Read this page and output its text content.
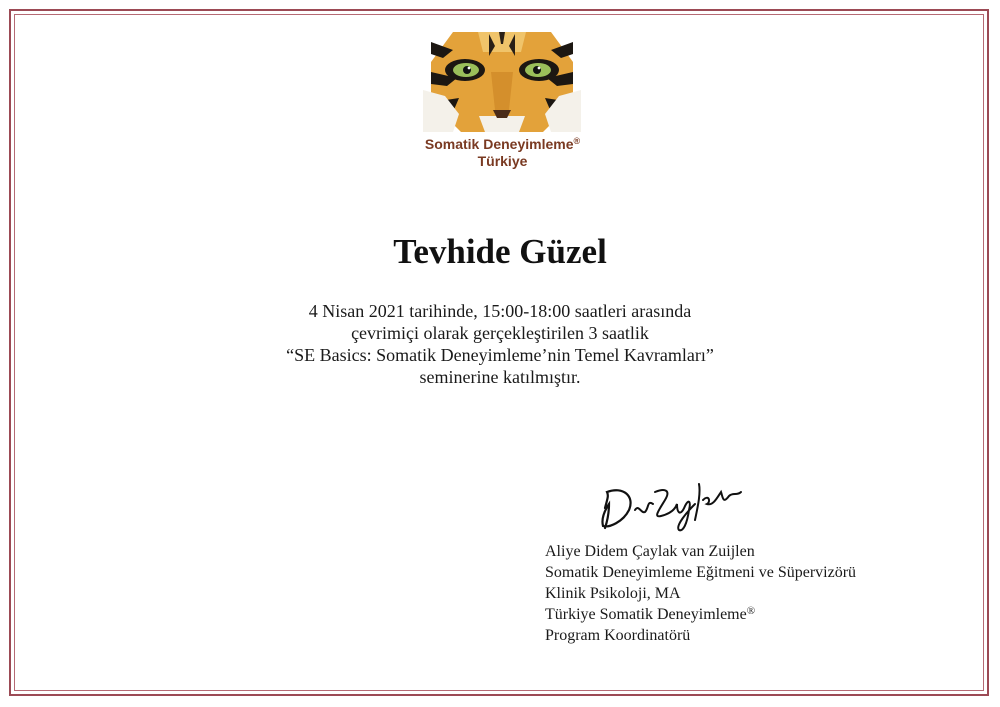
Somatik Deneyimleme®
Türkiye
Tevhide Güzel
4 Nisan 2021 tarihinde, 15:00-18:00 saatleri arasında
çevrimiçi olarak gerçekleştirilen 3 saatlik
“SE Basics: Somatik Deneyimleme’nin Temel Kavramları”
seminerine katılmıştır.
Aliye Didem Çaylak van Zuijlen
Somatik Deneyimleme Eğitmeni ve Süpervizörü
Klinik Psikoloji, MA
Türkiye Somatik Deneyimleme®
Program Koordinatörü
